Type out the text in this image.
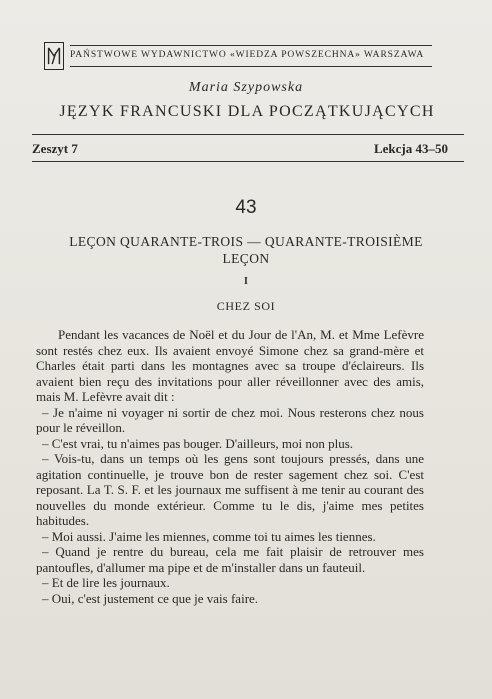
PAŃSTWOWE WYDAWNICTWO «WIEDZA POWSZECHNA» WARSZAWA
Maria Szypowska
JĘZYK FRANCUSKI DLA POCZĄTKUJĄCYCH
Zeszyt 7	Lekcja 43–50
43
LEÇON QUARANTE-TROIS — QUARANTE-TROISIÈME
LEÇON
I
CHEZ SOI

Pendant les vacances de Noël et du Jour de l'An, M. et Mme Lefèvre sont restés chez eux. Ils avaient envoyé Simone chez sa grand-mère et Charles était parti dans les montagnes avec sa troupe d'éclaireurs. Ils avaient bien reçu des invitations pour aller réveillonner avec des amis, mais M. Lefèvre avait dit :

– Je n'aime ni voyager ni sortir de chez moi. Nous resterons chez nous pour le réveillon.

– C'est vrai, tu n'aimes pas bouger. D'ailleurs, moi non plus.

– Vois-tu, dans un temps où les gens sont toujours pressés, dans une agitation continuelle, je trouve bon de rester sagement chez soi. C'est reposant. La T. S. F. et les journaux me suffisent à me tenir au courant des nouvelles du monde extérieur. Comme tu le dis, j'aime mes petites habitudes.

– Moi aussi. J'aime les miennes, comme toi tu aimes les tiennes.

– Quand je rentre du bureau, cela me fait plaisir de retrouver mes pantoufles, d'allumer ma pipe et de m'installer dans un fauteuil.

– Et de lire les journaux.

– Oui, c'est justement ce que je vais faire.
